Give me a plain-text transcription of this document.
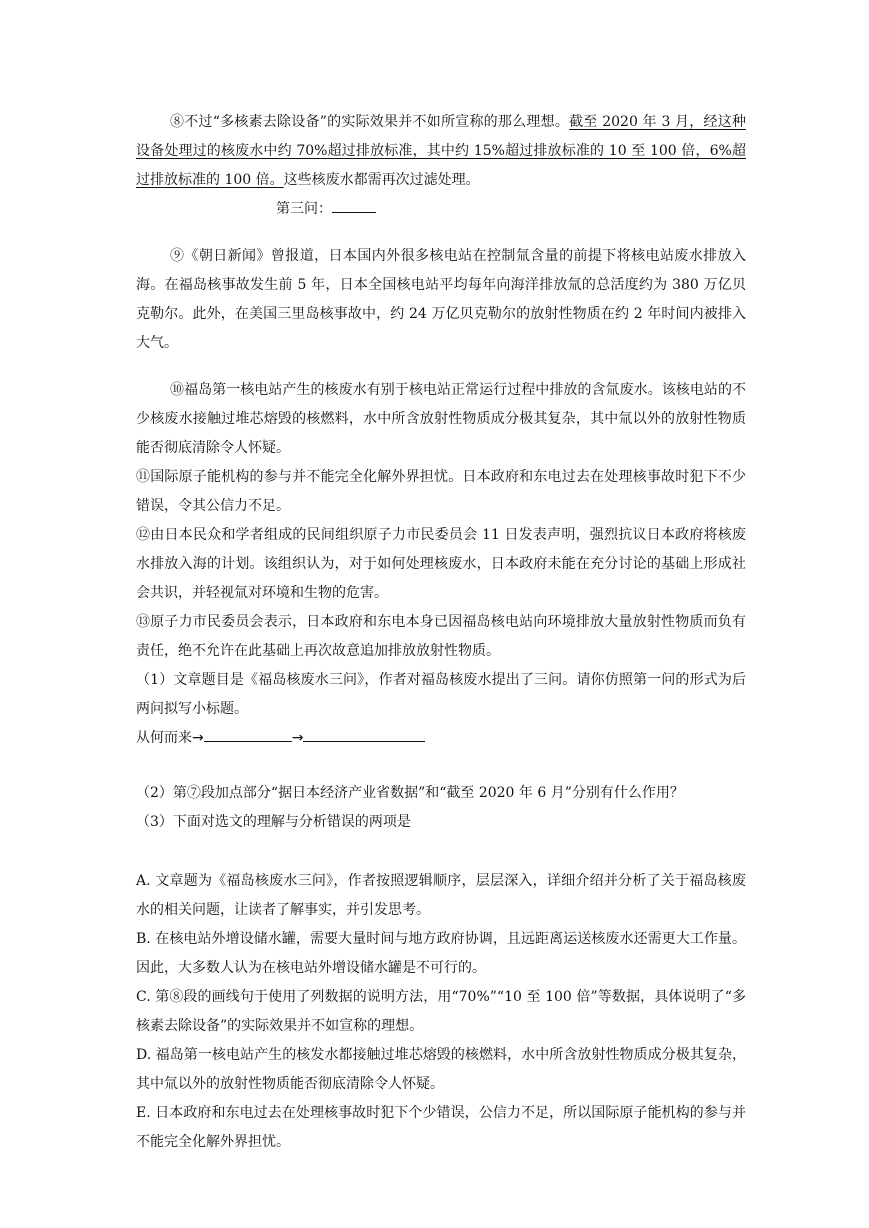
⑧不过“多核素去除设备”的实际效果并不如所宣称的那么理想。截至 2020 年 3 月，经这种设备处理过的核废水中约 70%超过排放标准，其中约 15%超过排放标准的 10 至 100 倍，6%超过排放标准的 100 倍。这些核废水都需再次过滤处理。

第三问：

⑨《朝日新闻》曾报道，日本国内外很多核电站在控制氚含量的前提下将核电站废水排放入海。在福岛核事故发生前 5 年，日本全国核电站平均每年向海洋排放氚的总活度约为 380 万亿贝克勒尔。此外，在美国三里岛核事故中，约 24 万亿贝克勒尔的放射性物质在约 2 年时间内被排入大气。

⑩福岛第一核电站产生的核废水有别于核电站正常运行过程中排放的含氚废水。该核电站的不少核废水接触过堆芯熔毁的核燃料，水中所含放射性物质成分极其复杂，其中氚以外的放射性物质能否彻底清除令人怀疑。

⑪国际原子能机构的参与并不能完全化解外界担忧。日本政府和东电过去在处理核事故时犯下不少错误，令其公信力不足。

⑫由日本民众和学者组成的民间组织原子力市民委员会 11 日发表声明，强烈抗议日本政府将核废水排放入海的计划。该组织认为，对于如何处理核废水，日本政府未能在充分讨论的基础上形成社会共识，并轻视氚对环境和生物的危害。

⑬原子力市民委员会表示，日本政府和东电本身已因福岛核电站向环境排放大量放射性物质而负有责任，绝不允许在此基础上再次故意追加排放放射性物质。

（1）文章题目是《福岛核废水三问》，作者对福岛核废水提出了三问。请你仿照第一问的形式为后两问拟写小标题。

从何而来→	→

（2）第⑦段加点部分“据日本经济产业省数据”和“截至 2020 年 6 月”分别有什么作用？

（3）下面对选文的理解与分析错误的两项是

A. 文章题为《福岛核废水三问》，作者按照逻辑顺序，层层深入，详细介绍并分析了关于福岛核废水的相关问题，让读者了解事实，并引发思考。

B. 在核电站外增设储水罐，需要大量时间与地方政府协调，且远距离运送核废水还需更大工作量。因此，大多数人认为在核电站外增设储水罐是不可行的。

C. 第⑧段的画线句于使用了列数据的说明方法，用“70%”“10 至 100 倍”等数据，具体说明了“多核素去除设备”的实际效果并不如宣称的理想。

D. 福岛第一核电站产生的核发水都接触过堆芯熔毁的核燃料，水中所含放射性物质成分极其复杂，其中氚以外的放射性物质能否彻底清除令人怀疑。

E. 日本政府和东电过去在处理核事故时犯下个少错误，公信力不足，所以国际原子能机构的参与并不能完全化解外界担忧。
